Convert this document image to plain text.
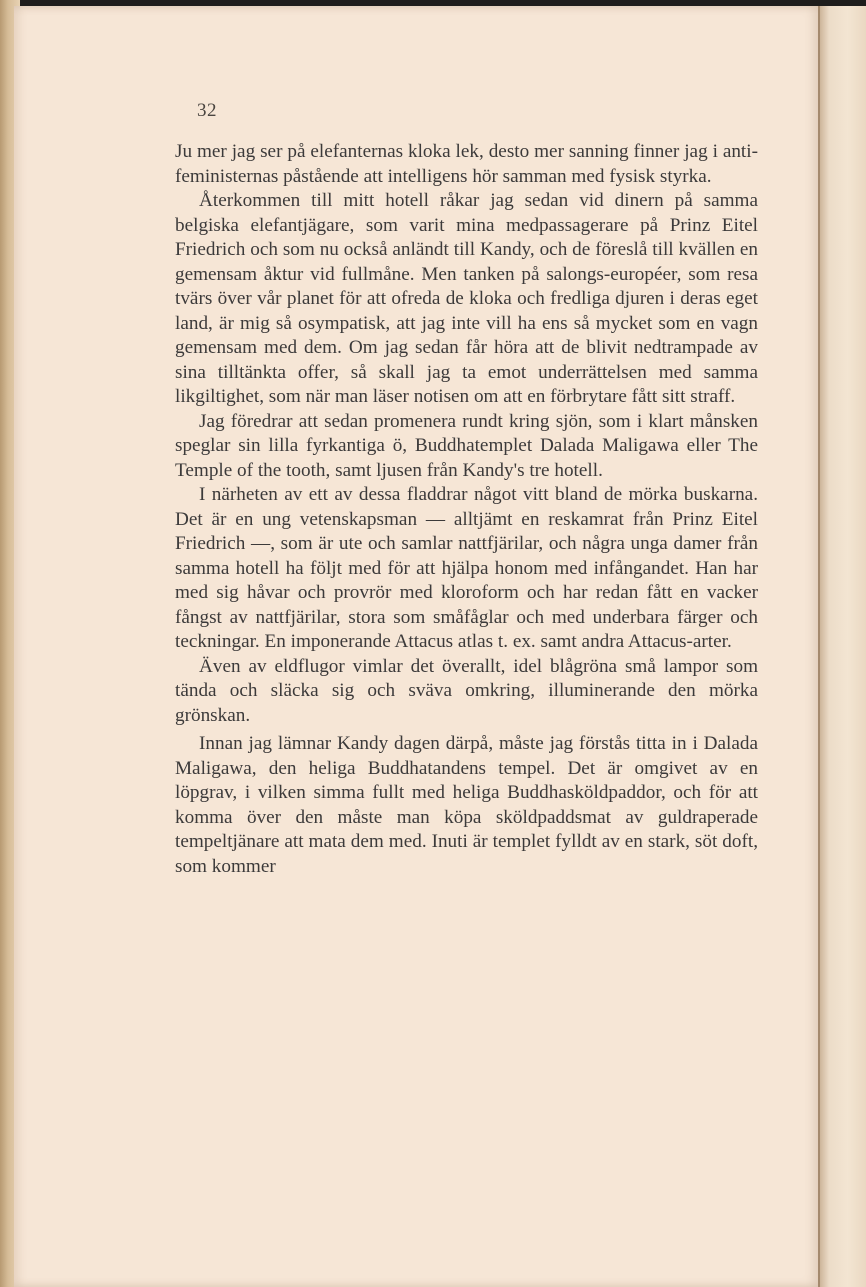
32

Ju mer jag ser på elefanternas kloka lek, desto mer sanning finner jag i anti-feministernas påstående att intelligens hör samman med fysisk styrka.

Återkommen till mitt hotell råkar jag sedan vid dinern på samma belgiska elefantjägare, som varit mina medpassagerare på Prinz Eitel Friedrich och som nu också anländt till Kandy, och de föreslå till kvällen en gemensam åktur vid fullmåne. Men tanken på salongs-européer, som resa tvärs över vår planet för att ofreda de kloka och fredliga djuren i deras eget land, är mig så osympatisk, att jag inte vill ha ens så mycket som en vagn gemensam med dem. Om jag sedan får höra att de blivit nedtrampade av sina tilltänkta offer, så skall jag ta emot underrättelsen med samma likgiltighet, som när man läser notisen om att en förbrytare fått sitt straff.

Jag föredrar att sedan promenera rundt kring sjön, som i klart månsken speglar sin lilla fyrkantiga ö, Buddhatemplet Dalada Maligawa eller The Temple of the tooth, samt ljusen från Kandy's tre hotell.

I närheten av ett av dessa fladdrar något vitt bland de mörka buskarna. Det är en ung vetenskapsman — alltjämt en reskamrat från Prinz Eitel Friedrich —, som är ute och samlar nattfjärilar, och några unga damer från samma hotell ha följt med för att hjälpa honom med infångandet. Han har med sig håvar och provrör med kloroform och har redan fått en vacker fångst av nattfjärilar, stora som småfåglar och med underbara färger och teckningar. En imponerande Attacus atlas t. ex. samt andra Attacus-arter.

Även av eldflugor vimlar det överallt, idel blågröna små lampor som tända och släcka sig och sväva omkring, illuminerande den mörka grönskan.

Innan jag lämnar Kandy dagen därpå, måste jag förstås titta in i Dalada Maligawa, den heliga Buddhatandens tempel. Det är omgivet av en löpgrav, i vilken simma fullt med heliga Buddhasköldpaddor, och för att komma över den måste man köpa sköldpaddsmat av guldraperade tempeltjänare att mata dem med. Inuti är templet fylldt av en stark, söt doft, som kommer
